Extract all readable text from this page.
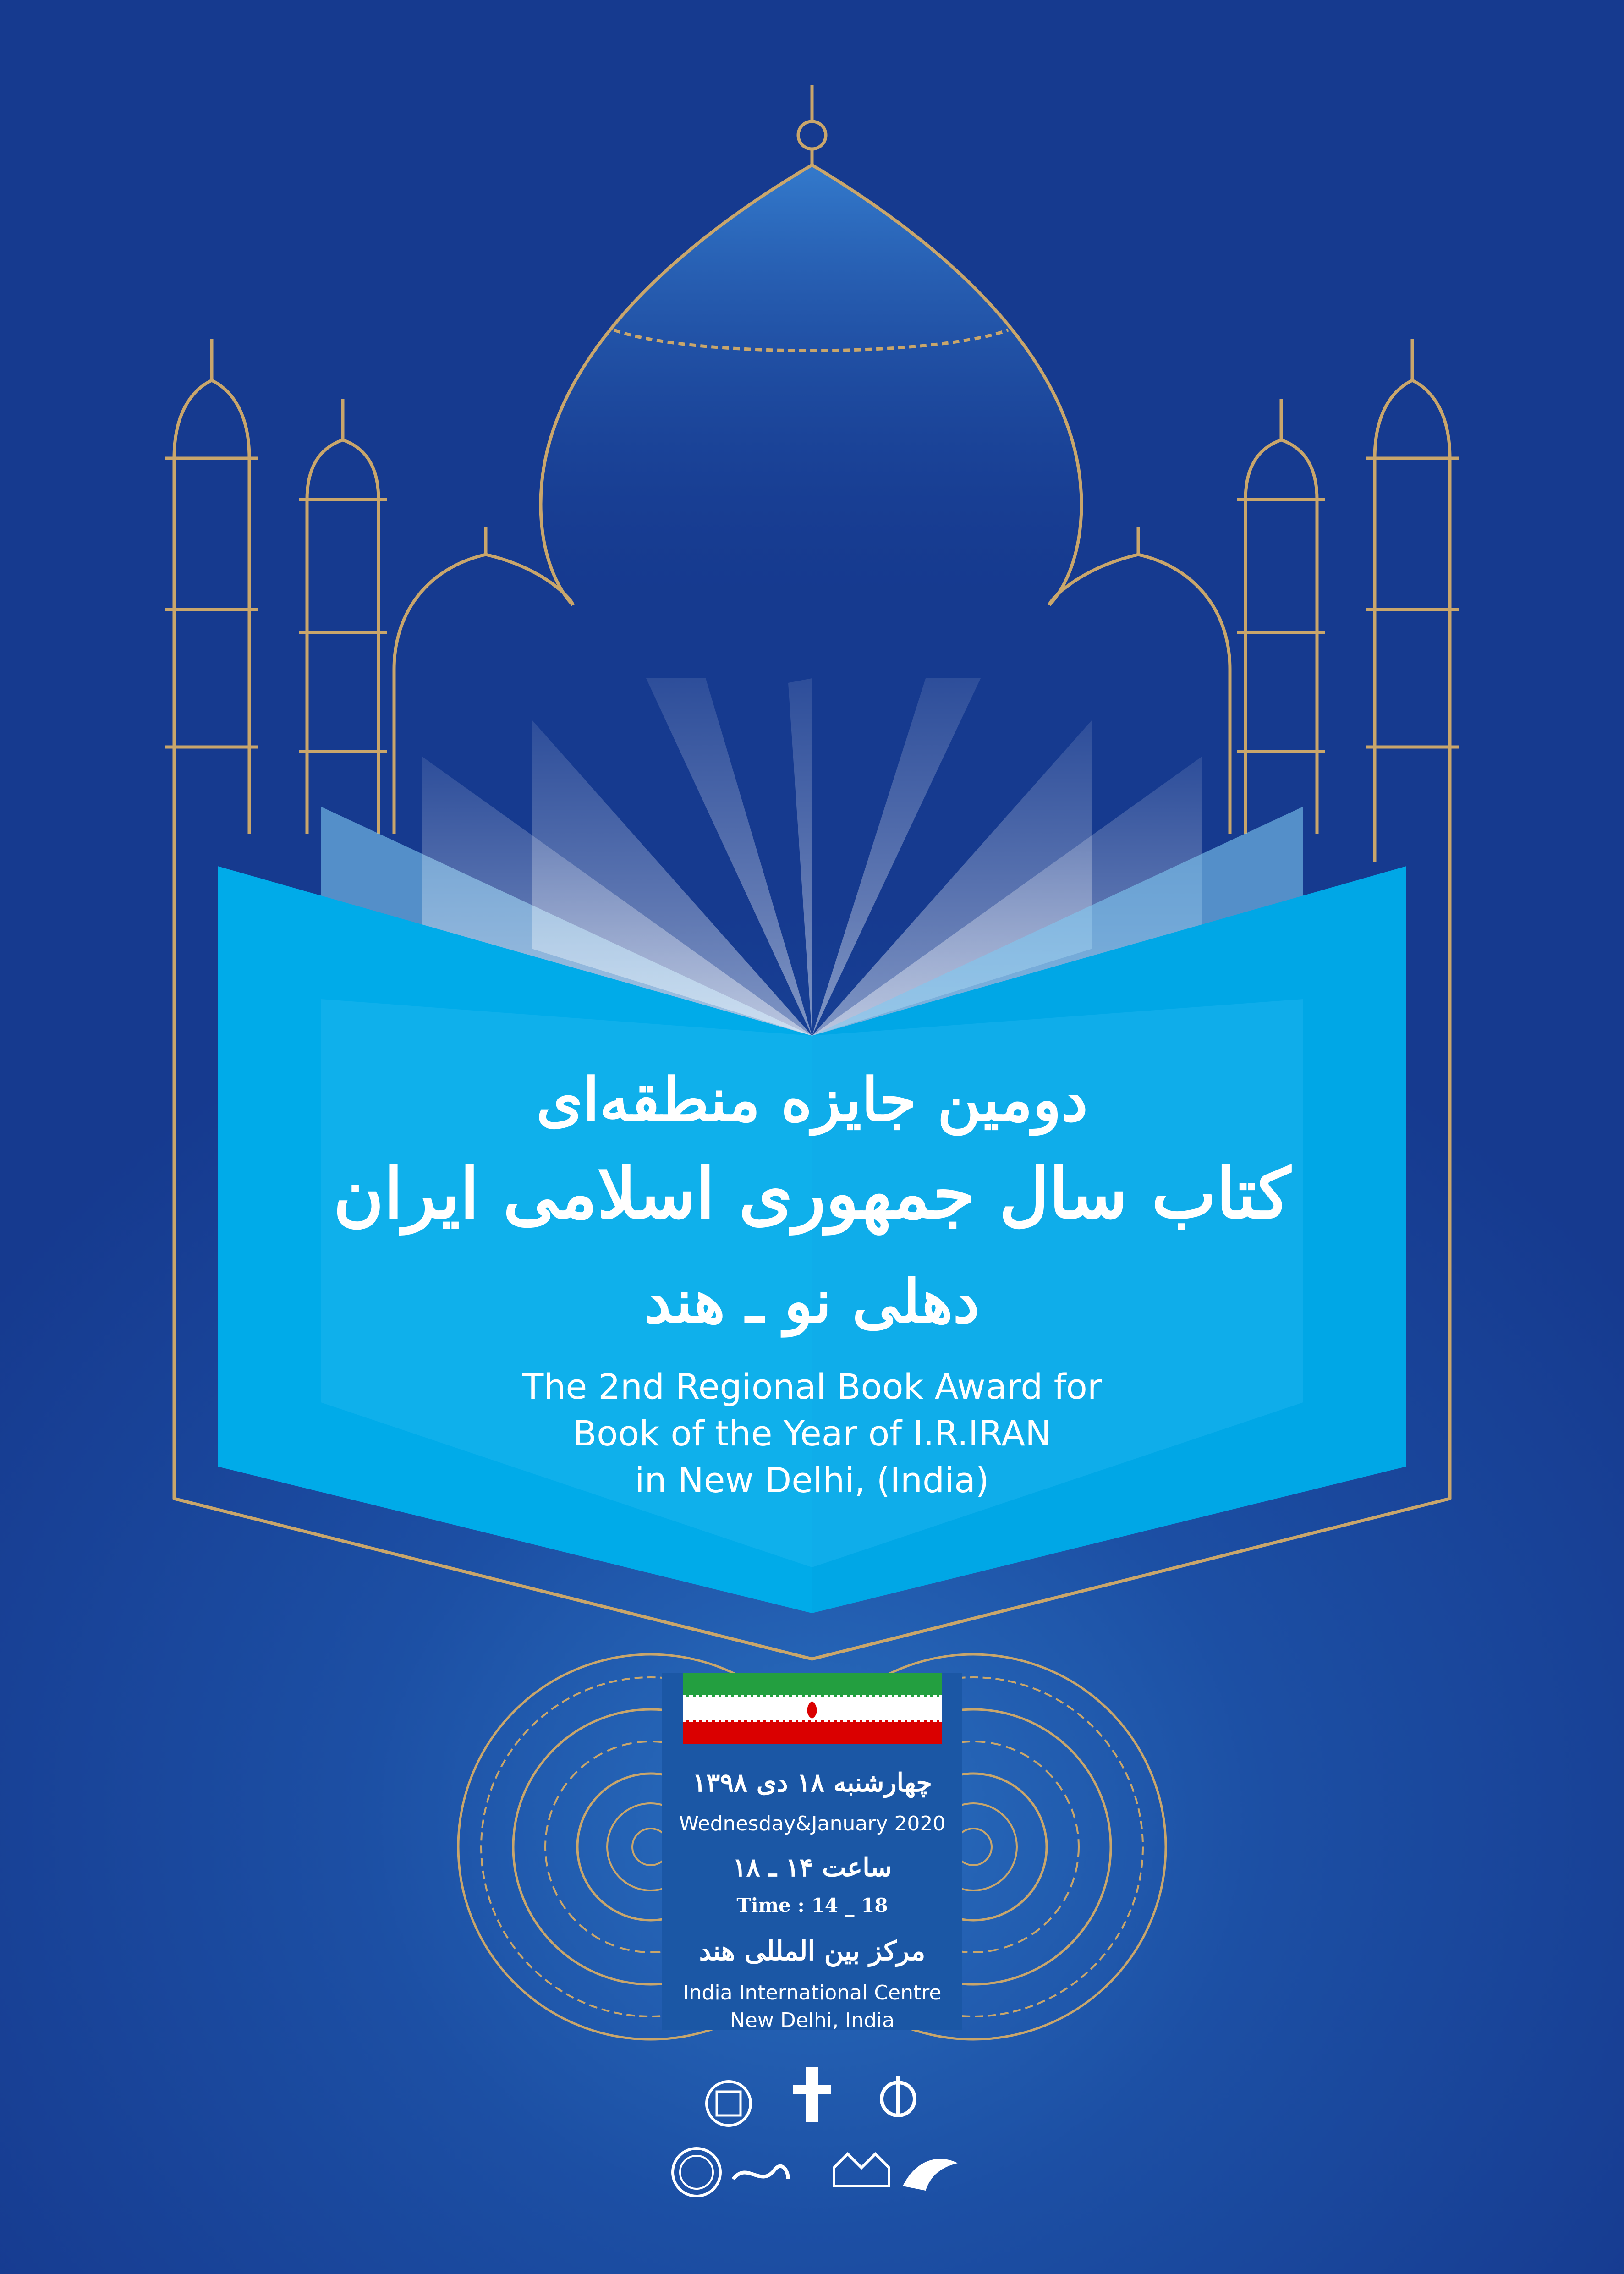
دومین جایزه منطقه‌ای
کتاب سال جمهوری اسلامی ایران
دهلی نو ـ هند
The 2nd Regional Book Award for
Book of the Year of I.R.IRAN
in New Delhi, (India)
چهارشنبه ۱۸ دی ۱۳۹۸
Wednesday&January 2020
ساعت ۱۴ ـ ۱۸
Time : 14 _ 18
مرکز بین المللی هند
India International Centre
New Delhi, India
